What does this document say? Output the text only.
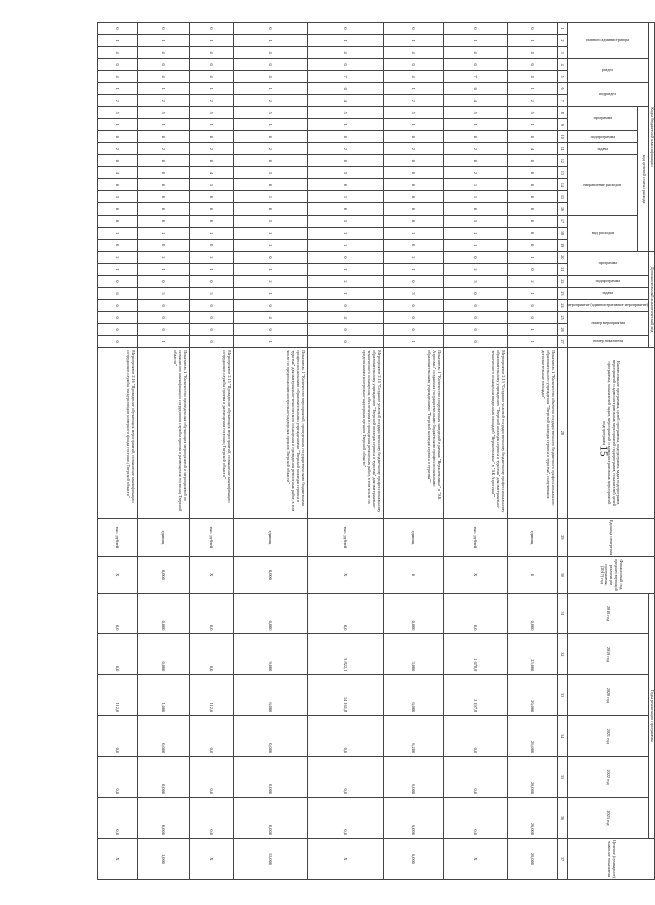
15
Коды бюджетной классификации																			Дополнительный аналитический код								Наименование программы, целей программы, подпрограмм, задач подпрограмм, мероприятий и административных мероприятий подпрограмм, показателей целей программы, показателей задач, мероприятий и административных мероприятий подпрограмм	Единица измерения	Финансовый год, предшествующий реализации программы, (2017) год	Годы реализации программы						Целевое (суммарное) значение показателя

главного администратора			раздел		подраздел		код целевой статьи расхода												программа		подпрограмма	задача	мероприятие (административное мероприятие)	номер мероприятия		номер показателя				2018 год	2019 год	2020 год	2021 год	2022 год	2023 год	

							программа		подпрограмма	задача	направление расходов					вид расходов																				

1	2	3	4	5	6	7	8	9	10	11	12	13	14	15	16	17	18	19	20	21	22	23	24	25	26	27	28	29	30	31	32	33	34	35	36	37
0	1	4	0	4	1	2	5	1	0	4	0	0	0	0	0	0	0	0	1	0	2	1	0	0	1	1	Показатель 1 "Количество объектов государственного бюджетного профессионального образовательного учреждения "Тверской колледж сервиса и туризма", получивших дополнительные площади"	единиц	0	0,000	25,000	26,000	26,000	26,000	26,000	26,000
0	1	4	0	7	0	4	5	1	0	2	0	2	1	1	0	5	1	1	0	2	3	0	0	0	0	0	Мероприятие 2.13 "Создание условий государственному бюджетному профессиональному образовательному учреждению "Тверской колледж сервиса и туризма" для материально-технического оснащения введенных площадей "Верхневолжье" в "АК Аэроплан""	тыс. рублей	Х	0,0	1 678,8	2 197,8	0,0	0,0	0,0	Х
0	1	4	0	4	1	2	5	1	0	2	0	0	0	0	0	0	1	0	2	1	0	3	0	0	0	1	Показатель 1 "Количество сооруженных заведений в рамках "Верхневолжье" в "АК Аэроплан" созданных государственными бюджетными профессиональными образовательными учреждениями "Тверской колледж сервиса и туризма""	единиц	0	0,000	3,000	6,000	6,200	6,000	6,000	6,000
0	1	4	0	7	0	4	5	1	0	2	0	3	0	1	0	5	1	1	0	1	2	1	0	4	0	0	Мероприятие 2.14 "Создание условий государственному бюджетному профессиональному образовательному учреждению "Тверской колледж сервиса и туризма" для материально-технического оснащения, обеспечения и проведения ремонтных работ, в том числе по предписаниям контрольно-надзорных органов Тверской области"	тыс. рублей	Х	0,0	3 822,1	14 161,8	0,0	0,0	0,0	Х
0	1	4	0	4	1	2	5	1	0	2	0	3	0	1	0	5	1	1	0	1	2	1	0	4	0	1	Показатель 1 "Количество мероприятий, проведенных государственными бюджетными профессиональными образовательными учреждениями "Тверской колледж сервиса и туризма" для материально-технического оснащения и проведения ремонтных работ, в том числе по предписаниям контрольно-надзорных органов Тверской области"	единиц	0,000	0,000	9,000	6,000	0,000	0,000	0,000	15,000
0	1	4	0	4	1	2	5	1	0	2	0	4	5	0	0	0	1	0	2	1	0	5	0	0	0	0	Мероприятие 2.15 "Проведение обучающих мероприятий, повышение квалификации сотрудников службы приема и размещения гостиниц Тверской области"	тыс. рублей	Х	0,0	0,0	112,0	0,0	0,0	0,0	Х
0	1	4	0	4	1	2	5	1	0	2	0	0	0	0	0	0	1	0	2	1	0	5	0	0	0	1	Показатель 1 "Количество проведенных обучающих мероприятий и мероприятий по повышению квалификации сотрудников службы приема и размещения гостиниц Тверской области"	единиц	0,000	0,000	0,000	1,000	0,000	0,000	0,000	1,000
0	1	4	0	4	1	2	5	1	0	2	0	4	0	5	0	0	1	0	2	1	0	6	0	0	0	0	Мероприятие 2.16 "Проведение обучающих мероприятий, повышение квалификации сотрудников службы экскурсоводов номерного фонда гостиниц Тверской области"	тыс. рублей	Х	0,0	0,0	112,0	0,0	0,0	0,0	Х
